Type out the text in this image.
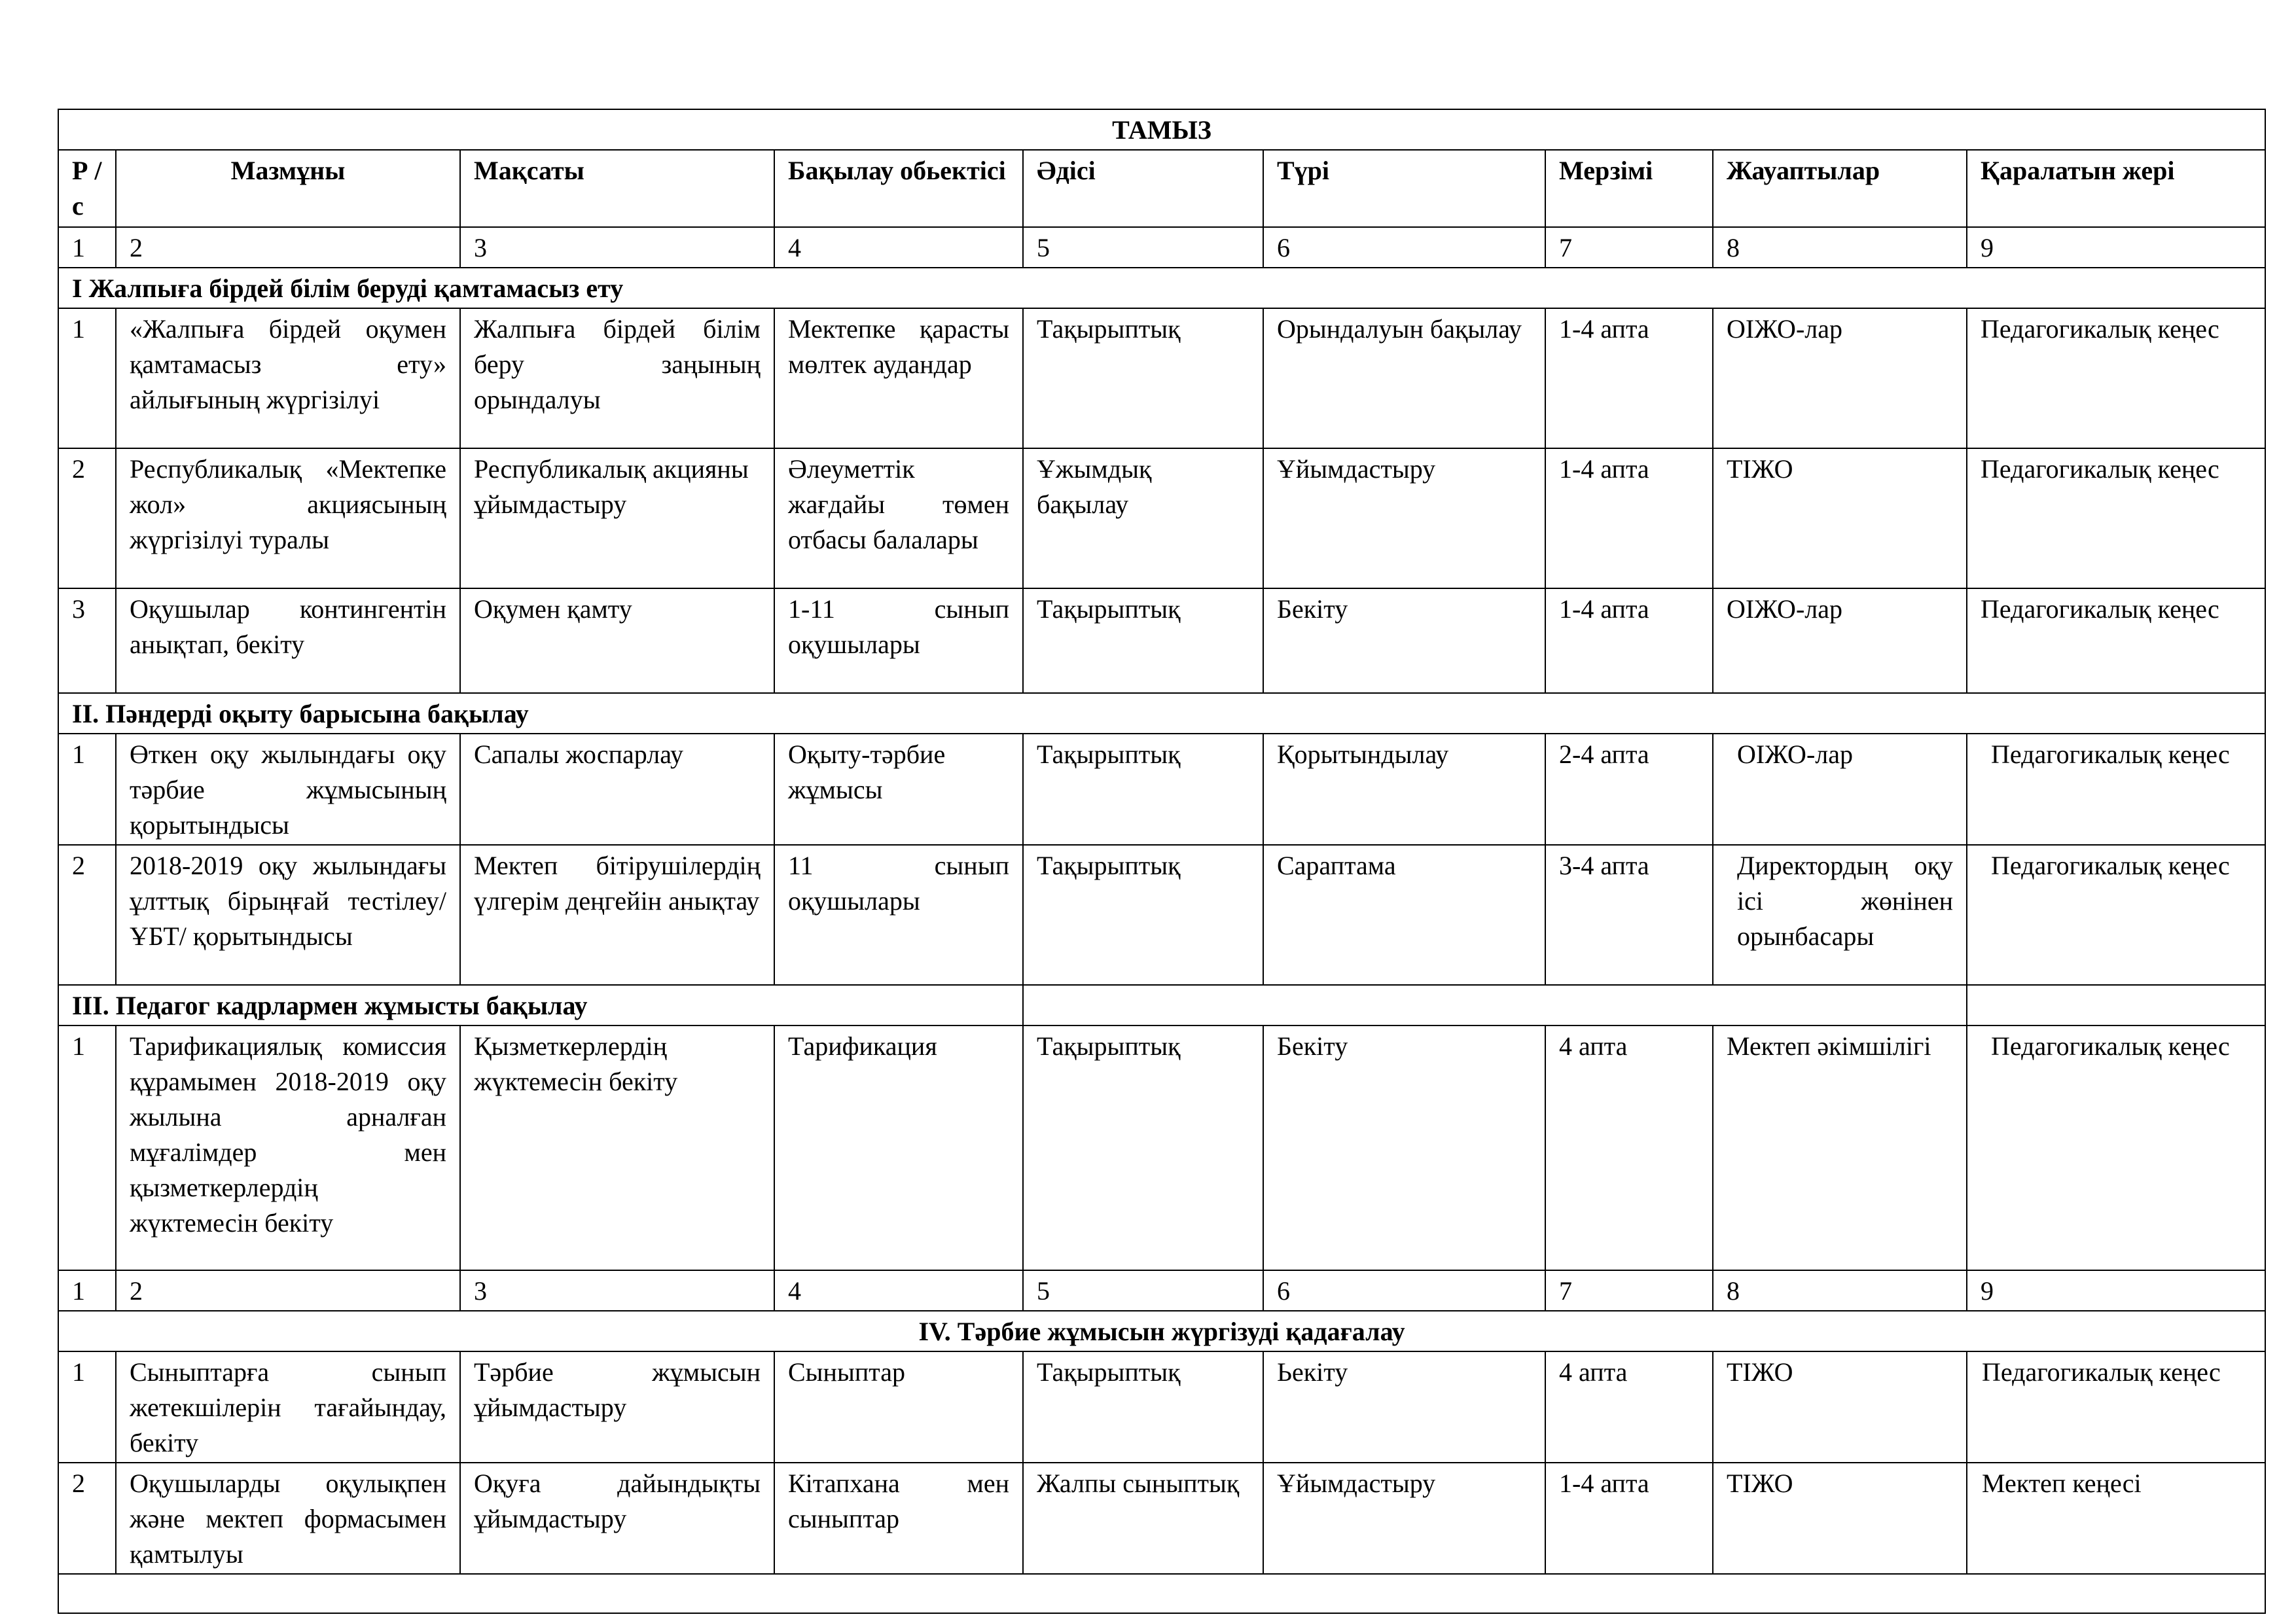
ТАМЫЗ								
Р /с	Мазмұны	Мақсаты	Бақылау обьектісі	Әдісі	Түрі	Мерзімі	Жауаптылар	Қаралатын жері
1	2	3	4	5	6	7	8	9
I Жалпыға бірдей білім беруді қамтамасыз ету								
1	«Жалпыға бірдей оқумен қамтамасыз ету» айлығының жүргізілуі	Жалпыға бірдей білім беру заңының орындалуы	Мектепке қарасты мөлтек аудандар	Тақырыптық	Орындалуын бақылау	1-4 апта	ОІЖО-лар	Педагогикалық кеңес
2	Республикалық «Мектепке жол» акциясының жүргізілуі туралы	Республикалық акцияны ұйымдастыру	Әлеуметтік жағдайы төмен отбасы балалары	Ұжымдық бақылау	Ұйымдастыру	1-4 апта	ТІЖО	Педагогикалық кеңес
3	Оқушылар контингентін анықтап, бекіту	Оқумен қамту	1-11 сынып оқушылары	Тақырыптық	Бекіту	1-4 апта	ОІЖО-лар	Педагогикалық кеңес
II. Пәндерді оқыту барысына бақылау								
1	Өткен оқу жылындағы оқу тәрбие жұмысының қорытындысы	Сапалы жоспарлау	Оқыту-тәрбие жұмысы	Тақырыптық	Қорытындылау	2-4 апта	ОІЖО-лар	Педагогикалық кеңес
2	2018-2019 оқу жылындағы ұлттық бірыңғай тестілеу/ҰБТ/ қорытындысы	Мектеп бітірушілердің үлгерім деңгейін анықтау	11 сынып оқушылары	Тақырыптық	Сараптама	3-4 апта	Директордың оқу ісі жөнінен орынбасары	Педагогикалық кеңес
III. Педагог кадрлармен жұмысты бақылау								
1	Тарификациялық комиссия құрамымен 2018-2019 оқу жылына арналған мұғалімдер мен қызметкерлердің жүктемесін бекіту	Қызметкерлердің жүктемесін бекіту	Тарификация	Тақырыптық	Бекіту	4 апта	Мектеп әкімшілігі	Педагогикалық кеңес
1	2	3	4	5	6	7	8	9
IV. Тәрбие жұмысын жүргізуді қадағалау								
1	Сыныптарға сынып жетекшілерін тағайындау, бекіту	Тәрбие жұмысын ұйымдастыру	Сыныптар	Тақырыптық	Ьекіту	4 апта	ТІЖО	Педагогикалық кеңес
2	Оқушыларды оқулықпен және мектеп формасымен қамтылуы	Оқуға дайындықты ұйымдастыру	Кітапхана мен сыныптар	Жалпы сыныптық	Ұйымдастыру	1-4 апта	ТІЖО	Мектеп кеңесі
